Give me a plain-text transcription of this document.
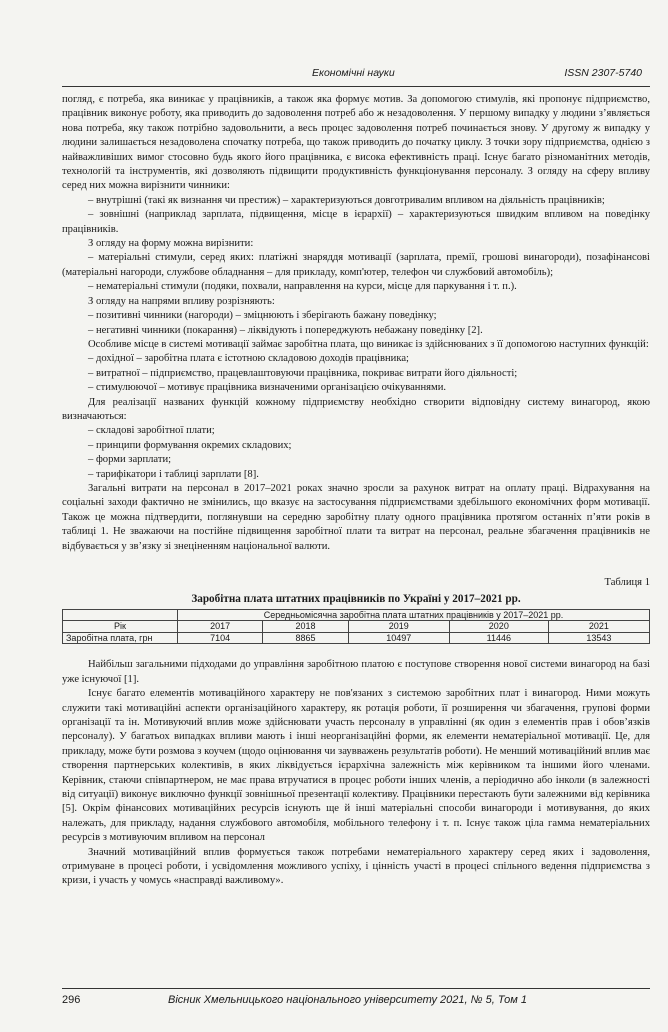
Економічні науки	ISSN 2307-5740

погляд, є потреба, яка виникає у працівників, а також яка формує мотив. За допомогою стимулів, які пропонує підприємство, працівник виконує роботу, яка приводить до задоволення потреб або ж незадоволення. У першому випадку у людини з’являється нова потреба, яку також потрібно задовольнити, а весь процес задоволення потреб починається знову. У другому ж випадку у людини залишається незадоволена спочатку потреба, що також приводить до початку циклу. З точки зору підприємства, однією з найважливіших вимог стосовно будь якого його працівника, є висока ефективність праці. Існує багато різноманітних методів, технологій та інструментів, які дозволяють підвищити продуктивність функціонування персоналу. З огляду на сферу впливу серед них можна вирізнити чинники:

– внутрішні (такі як визнання чи престиж) – характеризуються довготривалим впливом на діяльність працівників;

– зовнішні (наприклад зарплата, підвищення, місце в ієрархії) – характеризуються швидким впливом на поведінку працівників.

З огляду на форму можна вирізнити:

– матеріальні стимули, серед яких: платіжні знаряддя мотивації (зарплата, премії, грошові винагороди), позафінансові (матеріальні нагороди, службове обладнання – для прикладу, комп'ютер, телефон чи службовий автомобіль);

– нематеріальні стимули (подяки, похвали, направлення на курси, місце для паркування і т. п.).

З огляду на напрями впливу розрізняють:

– позитивні чинники (нагороди) – зміцнюють і зберігають бажану поведінку;

– негативні чинники (покарання) – ліквідують і попереджують небажану поведінку [2].

Особливе місце в системі мотивації займає заробітна плата, що виникає із здійснюваних з її допомогою наступних функцій:

– дохідної – заробітна плата є істотною складовою доходів працівника;

– витратної – підприємство, працевлаштовуючи працівника, покриває витрати його діяльності;

– стимулюючої – мотивує працівника визначеними організацією очікуваннями.

Для реалізації названих функцій кожному підприємству необхідно створити відповідну систему винагород, якою визначаються:

– складові заробітної плати;

– принципи формування окремих складових;

– форми зарплати;

– тарифікатори і таблиці зарплати [8].

Загальні витрати на персонал в 2017–2021 роках значно зросли за рахунок витрат на оплату праці. Відрахування на соціальні заходи фактично не змінились, що вказує на застосування підприємствами здебільшого економічних форм мотивації. Також це можна підтвердити, поглянувши на середню заробітну плату одного працівника протягом останніх п’яти років в таблиці 1. Не зважаючи на постійне підвищення заробітної плати та витрат на персонал, реальне збагачення працівників не відбувається у зв’язку зі знеціненням національної валюти.

Таблиця 1
Заробітна плата штатних працівників по Україні у 2017–2021 рр.
	Середньомісячна заробітна плата штатних працівників у 2017–2021 рр.				
Рік	2017	2018	2019	2020	2021
Заробітна плата, грн	7104	8865	10497	11446	13543

Найбільш загальними підходами до управління заробітною платою є поступове створення нової системи винагород на базі уже існуючої [1].

Існує багато елементів мотиваційного характеру не пов'язаних з системою заробітних плат і винагород. Ними можуть служити такі мотиваційні аспекти організаційного характеру, як ротація роботи, її розширення чи збагачення, групові форми організації та ін. Мотивуючий вплив може здійснювати участь персоналу в управлінні (як один з елементів прав і обов’язків персоналу). У багатьох випадках впливи мають і інші неорганізаційні форми, як елементи нематеріальної мотивації. Це, для прикладу, може бути розмова з коучем (щодо оцінювання чи заувважень результатів роботи). Не менший мотиваційний вплив має створення партнерських колективів, в яких ліквідується ієрархічна залежність між керівником та іншими його членами. Керівник, стаючи співпартнером, не має права втручатися в процес роботи інших членів, а періодично або інколи (в залежності від ситуації) виконує виключно функції зовнішньої презентації колективу. Працівники перестають бути залежними від керівника [5]. Окрім фінансових мотиваційних ресурсів існують ще й інші матеріальні способи винагороди і мотивування, до яких належать, для прикладу, надання службового автомобіля, мобільного телефону і т. п. Існує також ціла гамма нематеріальних ресурсів з мотивуючим впливом на персонал

Значний мотиваційний вплив формується також потребами нематеріального характеру серед яких і задоволення, отримуване в процесі роботи, і усвідомлення можливого успіху, і цінність участі в процесі спільного ведення підприємства з кризи, і участь у чомусь «насправді важливому».

296	Вісник Хмельницького національного університету 2021, № 5, Том 1
